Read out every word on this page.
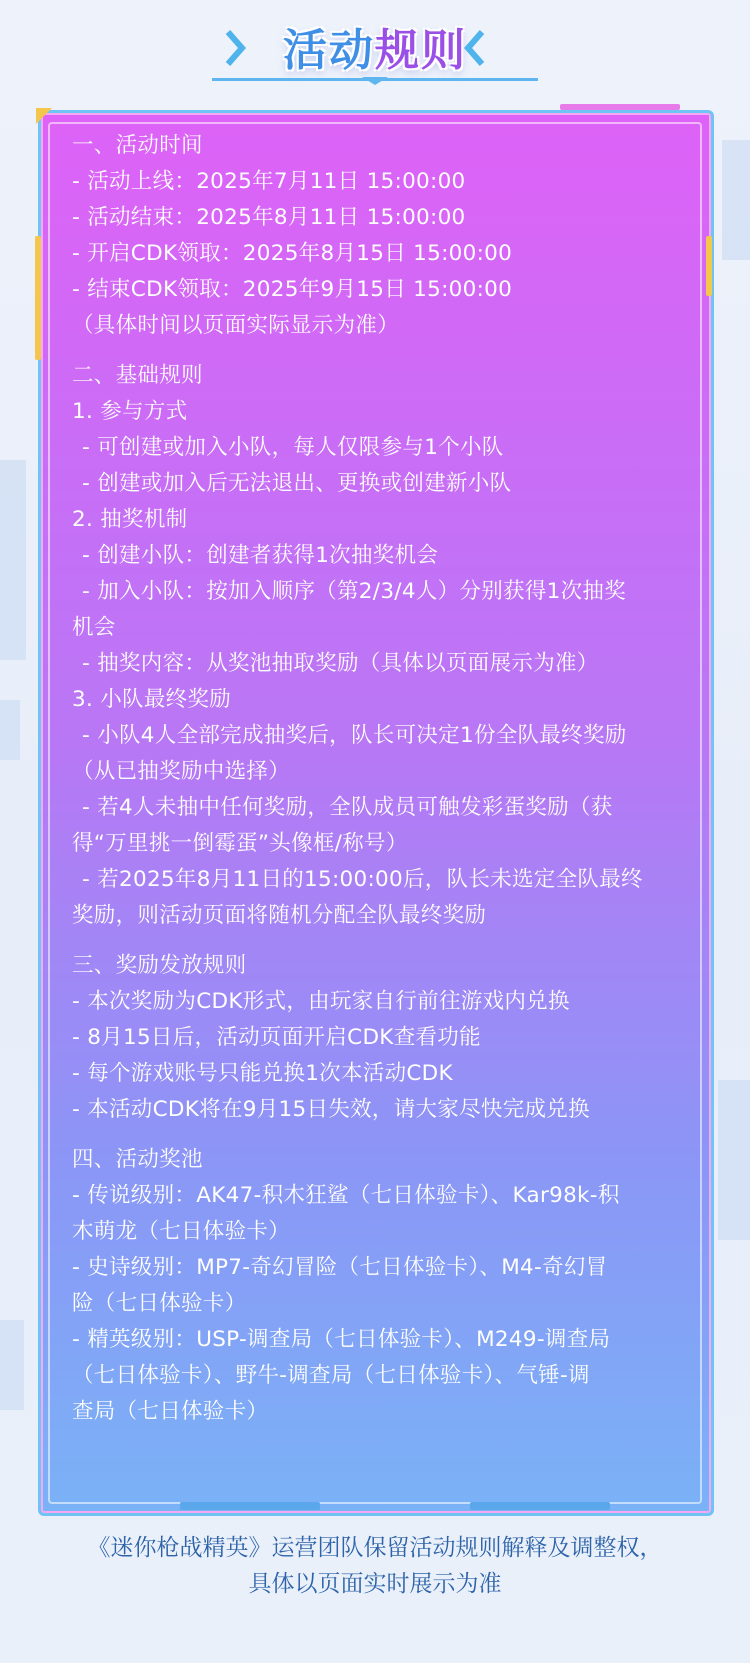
活动规则

一、活动时间

- 活动上线：2025年7月11日 15:00:00

- 活动结束：2025年8月11日 15:00:00

- 开启CDK领取：2025年8月15日 15:00:00

- 结束CDK领取：2025年9月15日 15:00:00

（具体时间以页面实际显示为准）

二、基础规则

1. 参与方式

- 可创建或加入小队，每人仅限参与1个小队

- 创建或加入后无法退出、更换或创建新小队

2. 抽奖机制

- 创建小队：创建者获得1次抽奖机会

- 加入小队：按加入顺序（第2/3/4人）分别获得1次抽奖

机会

- 抽奖内容：从奖池抽取奖励（具体以页面展示为准）

3. 小队最终奖励

- 小队4人全部完成抽奖后，队长可决定1份全队最终奖励

（从已抽奖励中选择）

- 若4人未抽中任何奖励，全队成员可触发彩蛋奖励（获

得“万里挑一倒霉蛋”头像框/称号）

- 若2025年8月11日的15:00:00后，队长未选定全队最终

奖励，则活动页面将随机分配全队最终奖励

三、奖励发放规则

- 本次奖励为CDK形式，由玩家自行前往游戏内兑换

- 8月15日后，活动页面开启CDK查看功能

- 每个游戏账号只能兑换1次本活动CDK

- 本活动CDK将在9月15日失效，请大家尽快完成兑换

四、活动奖池

- 传说级别：AK47-积木狂鲨（七日体验卡）、Kar98k-积

木萌龙（七日体验卡）

- 史诗级别：MP7-奇幻冒险（七日体验卡）、M4-奇幻冒

险（七日体验卡）

- 精英级别：USP-调查局（七日体验卡）、M249-调查局

（七日体验卡）、野牛-调查局（七日体验卡）、气锤-调

查局（七日体验卡）

《迷你枪战精英》运营团队保留活动规则解释及调整权，

具体以页面实时展示为准
